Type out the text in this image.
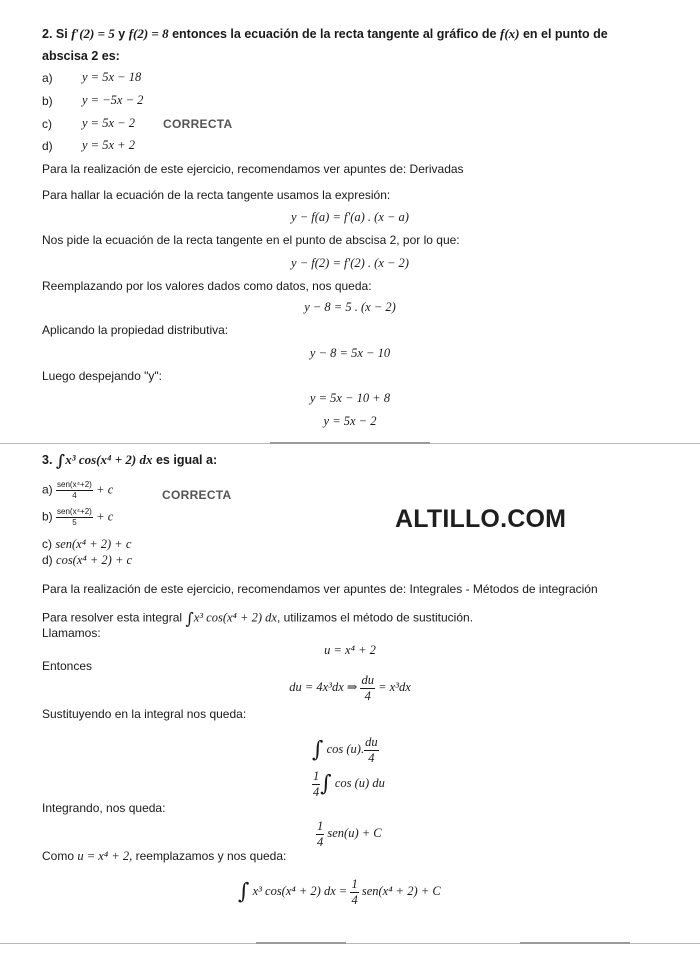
2. Si f′(2) = 5 y f(2) = 8 entonces la ecuación de la recta tangente al gráfico de f(x) en el punto de
abscisa 2 es:
a) y = 5x − 18
b) y = −5x − 2
c) y = 5x − 2 CORRECTA
d) y = 5x + 2
Para la realización de este ejercicio, recomendamos ver apuntes de: Derivadas
Para hallar la ecuación de la recta tangente usamos la expresión:
y − f(a) = f′(a) . (x − a)
Nos pide la ecuación de la recta tangente en el punto de abscisa 2, por lo que:
y − f(2) = f′(2) . (x − 2)
Reemplazando por los valores dados como datos, nos queda:
y − 8 = 5 . (x − 2)
Aplicando la propiedad distributiva:
y − 8 = 5x − 10
Luego despejando "y":
y = 5x − 10 + 8
y = 5x − 2
3. ∫x³ cos(x⁴ + 2) dx es igual a:
$a) \frac{\text{sen(x⁴+2)}}{4} + c$	CORRECTA
$b) \frac{\text{sen(x⁴+2)}}{5} + c$
c) sen(x⁴ + 2) + c
d) cos(x⁴ + 2) + c
ALTILLO.COM
Para la realización de este ejercicio, recomendamos ver apuntes de: Integrales - Métodos de integración
Para resolver esta integral ∫x³ cos(x⁴ + 2) dx, utilizamos el método de sustitución.
Llamamos:
u = x⁴ + 2
Entonces
du = 4x³dx ⇒ $\frac{du}{4} = x^3dx$
Sustituyendo en la integral nos queda:
∫ cos (u). $\frac{du}{4}$
$\frac{1}{4}$ ∫ cos (u) du
Integrando, nos queda:
$\frac{1}{4} sen(u) + C$
Como u = x⁴ + 2, reemplazamos y nos queda:
∫ x³ cos(x⁴ + 2) dx = $\frac{1}{4} sen(x^4 + 2) + C$
